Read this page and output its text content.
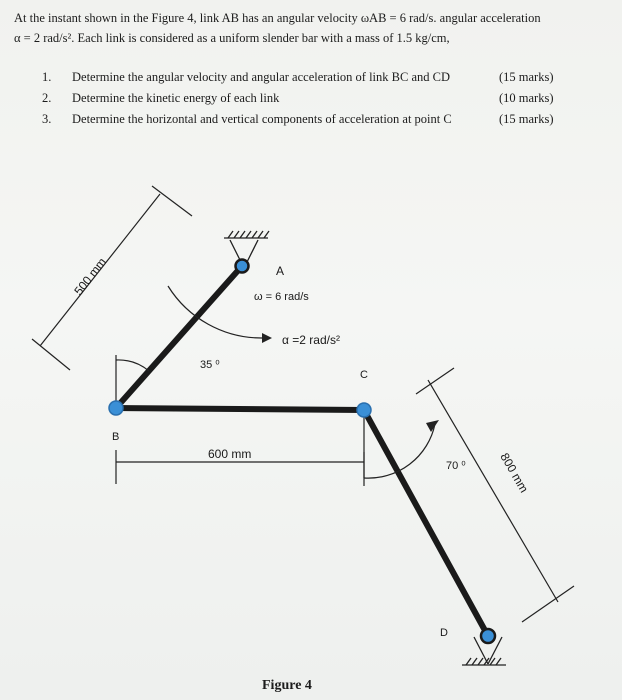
At the instant shown in the Figure 4, link AB has an angular velocity ωAB = 6 rad/s. angular acceleration
α = 2 rad/s². Each link is considered as a uniform slender bar with a mass of 1.5 kg/cm,
1. Determine the angular velocity and angular acceleration of link BC and CD	(15 marks)
2. Determine the kinetic energy of each link	(10 marks)
3. Determine the horizontal and vertical components of acceleration at point C	(15 marks)
A
B
C
D
ω = 6 rad/s
α =2 rad/s²
35 ⁰
70 ⁰
500 mm
600 mm	800 mm
Figure 4
